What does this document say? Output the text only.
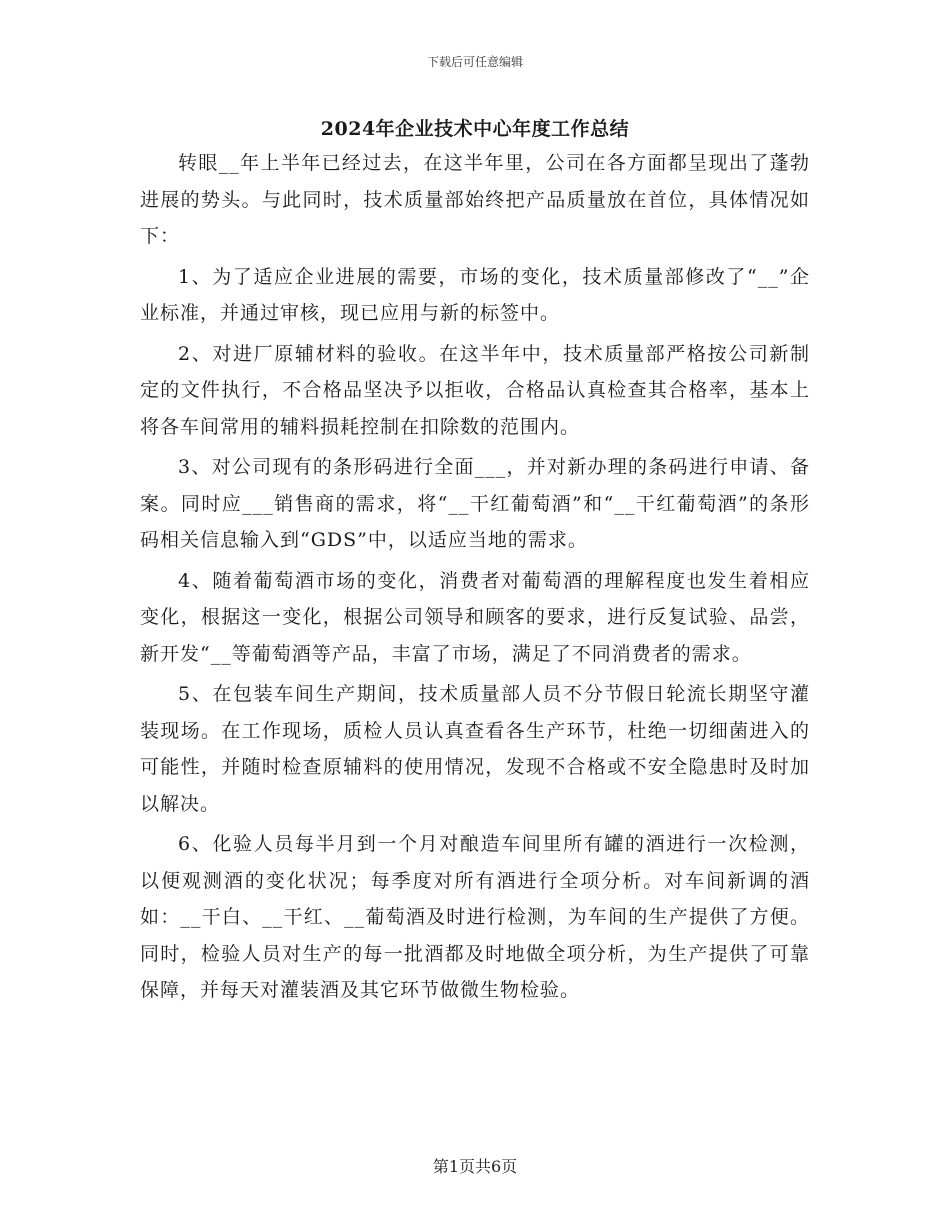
下载后可任意编辑
2024年企业技术中心年度工作总结

转眼__年上半年已经过去，在这半年里，公司在各方面都呈现出了蓬勃进展的势头。与此同时，技术质量部始终把产品质量放在首位，具体情况如下：

1、为了适应企业进展的需要，市场的变化，技术质量部修改了“__”企业标准，并通过审核，现已应用与新的标签中。

2、对进厂原辅材料的验收。在这半年中，技术质量部严格按公司新制定的文件执行，不合格品坚决予以拒收，合格品认真检查其合格率，基本上将各车间常用的辅料损耗控制在扣除数的范围内。

3、对公司现有的条形码进行全面___，并对新办理的条码进行申请、备案。同时应___销售商的需求，将“__干红葡萄酒”和“__干红葡萄酒”的条形码相关信息输入到“GDS”中，以适应当地的需求。

4、随着葡萄酒市场的变化，消费者对葡萄酒的理解程度也发生着相应变化，根据这一变化，根据公司领导和顾客的要求，进行反复试验、品尝，新开发“__等葡萄酒等产品，丰富了市场，满足了不同消费者的需求。

5、在包装车间生产期间，技术质量部人员不分节假日轮流长期坚守灌装现场。在工作现场，质检人员认真查看各生产环节，杜绝一切细菌进入的可能性，并随时检查原辅料的使用情况，发现不合格或不安全隐患时及时加以解决。

6、化验人员每半月到一个月对酿造车间里所有罐的酒进行一次检测，以便观测酒的变化状况；每季度对所有酒进行全项分析。对车间新调的酒如：__干白、__干红、__葡萄酒及时进行检测，为车间的生产提供了方便。同时，检验人员对生产的每一批酒都及时地做全项分析，为生产提供了可靠保障，并每天对灌装酒及其它环节做微生物检验。

第1页共6页
